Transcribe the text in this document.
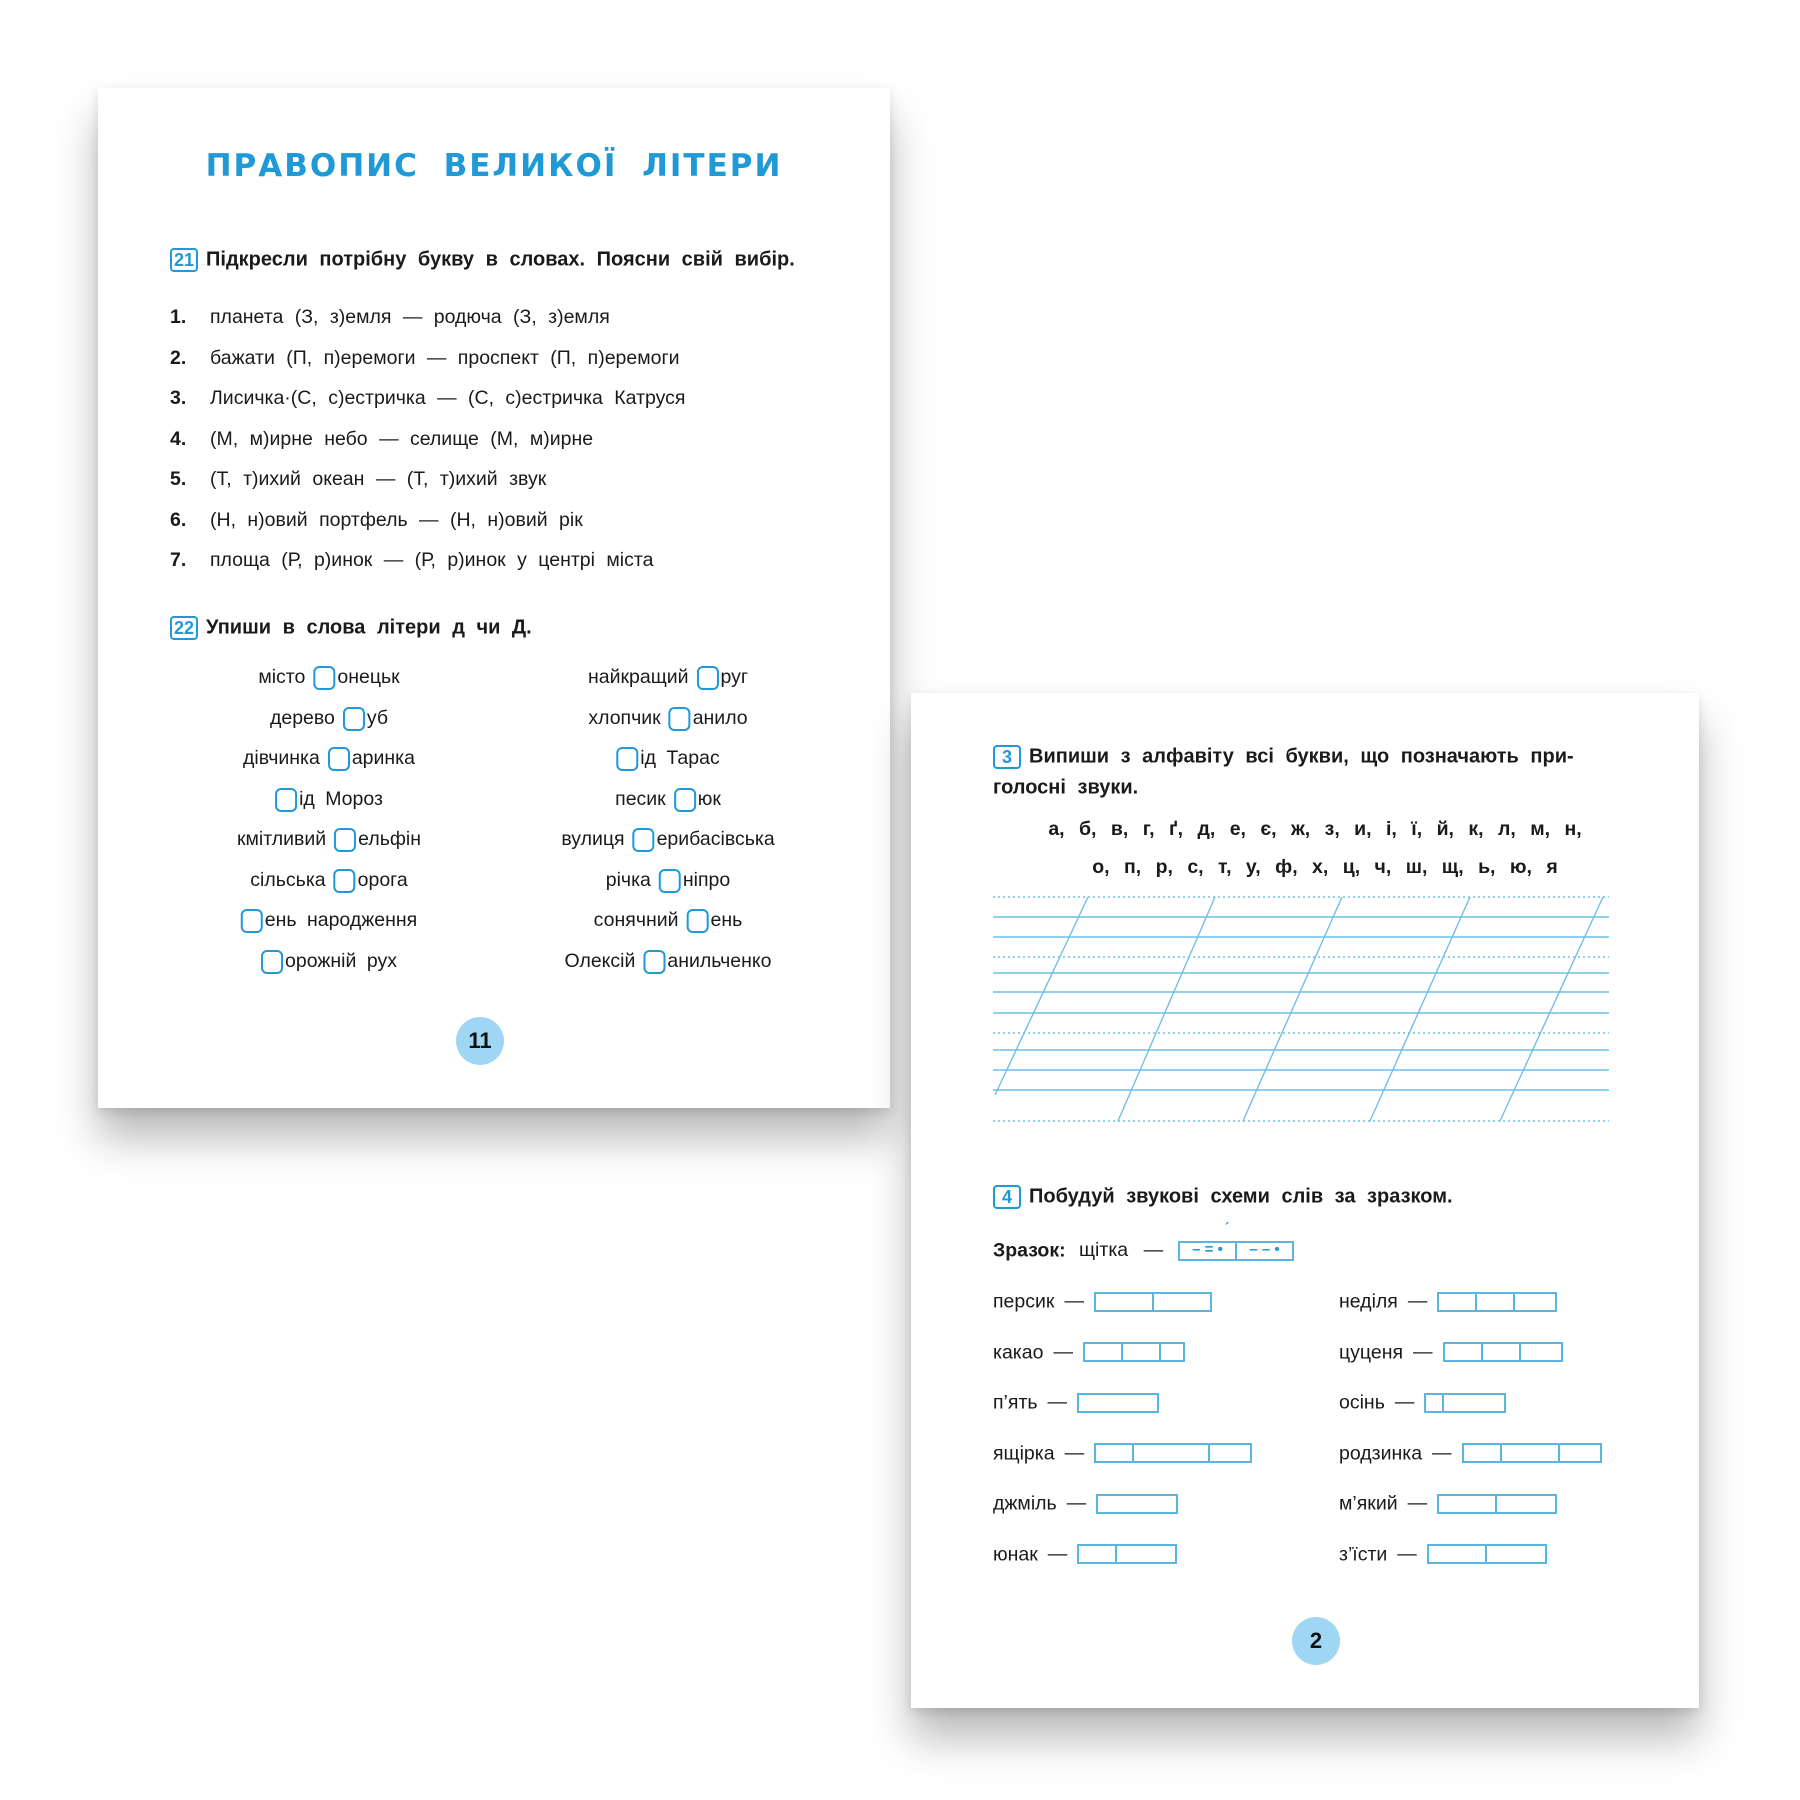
ПРАВОПИС ВЕЛИКОЇ ЛІТЕРИ
21 Підкресли потрібну букву в словах. Поясни свій вибір.
1. планета (З, з)емля — родюча (З, з)емля
2. бажати (П, п)еремоги — проспект (П, п)еремоги
3. Лисичка·(С, с)естричка — (С, с)естричка Катруся
4. (М, м)ирне небо — селище (М, м)ирне
5. (Т, т)ихий океан — (Т, т)ихий звук
6. (Н, н)овий портфель — (Н, н)овий рік
7. площа (Р, р)инок — (Р, р)инок у центрі міста
22 Упиши в слова літери д чи Д.
місто онецьк
дерево уб
дівчинка аринка
ід Мороз
кмітливий ельфін
сільська орога
ень народження
орожній рух
найкращий руг
хлопчик анило
ід Тарас
песик юк
вулиця ерибасівська
річка ніпро
сонячний ень
Олексій анильченко
11
3 Випиши з алфавіту всі букви, що позначають при-
голосні звуки.
а, б, в, г, ґ, д, е, є, ж, з, и, і, ї, й, к, л, м, н,
о, п, р, с, т, у, ф, х, ц, ч, ш, щ, ь, ю, я
4 Побудуй звукові схеми слів за зразком.
Зразок: щітка —
ˊ
– = •	– – •
персик —
какао —
п’ять —
ящірка —
джміль —
юнак —
неділя —
цуценя —
осінь —
родзинка —
м’який —
з’їсти —
2
